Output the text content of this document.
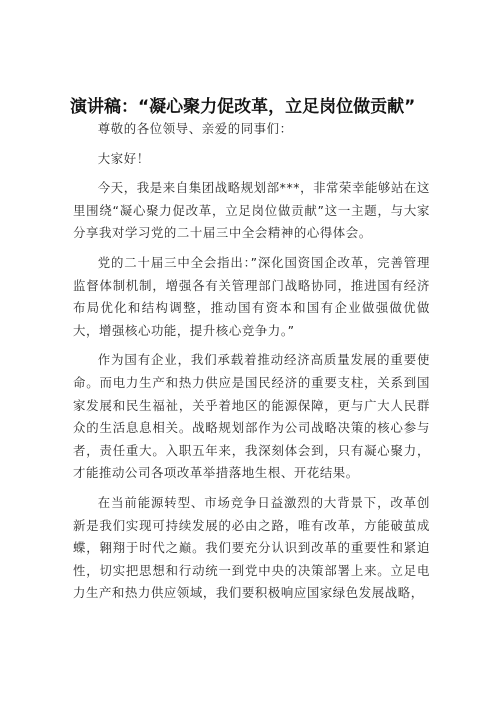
演讲稿：“凝心聚力促改革，立足岗位做贡献”

尊敬的各位领导、亲爱的同事们：

大家好！

今天，我是来自集团战略规划部***，非常荣幸能够站在这里围绕“凝心聚力促改革，立足岗位做贡献”这一主题，与大家分享我对学习党的二十届三中全会精神的心得体会。

党的二十届三中全会指出：”深化国资国企改革，完善管理监督体制机制，增强各有关管理部门战略协同，推进国有经济布局优化和结构调整，推动国有资本和国有企业做强做优做大，增强核心功能，提升核心竞争力。”

作为国有企业，我们承载着推动经济高质量发展的重要使命。而电力生产和热力供应是国民经济的重要支柱，关系到国家发展和民生福祉，关乎着地区的能源保障，更与广大人民群众的生活息息相关。战略规划部作为公司战略决策的核心参与者，责任重大。入职五年来，我深刻体会到，只有凝心聚力，才能推动公司各项改革举措落地生根、开花结果。

在当前能源转型、市场竞争日益激烈的大背景下，改革创新是我们实现可持续发展的必由之路，唯有改革，方能破茧成蝶，翱翔于时代之巅。我们要充分认识到改革的重要性和紧迫性，切实把思想和行动统一到党中央的决策部署上来。立足电力生产和热力供应领域，我们要积极响应国家绿色发展战略，
